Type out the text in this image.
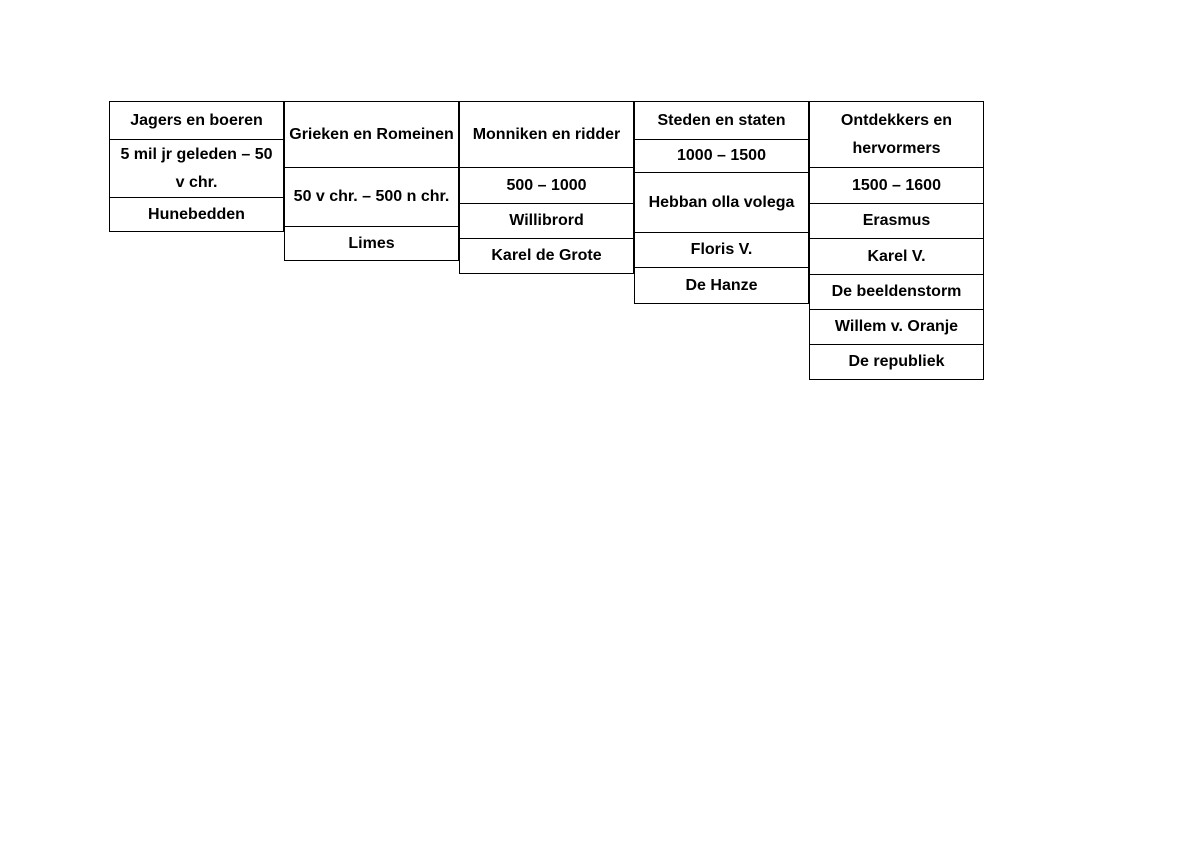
Jagers en boeren
5 mil jr geleden – 50 v chr.
Hunebedden
Grieken en Romeinen
50 v chr. – 500 n chr.
Limes
Monniken en ridder
500 – 1000
Willibrord
Karel de Grote
Steden en staten
1000 – 1500
Hebban olla volega
Floris V.
De Hanze
Ontdekkers en hervormers
1500 – 1600
Erasmus
Karel V.
De beeldenstorm
Willem v. Oranje
De republiek
